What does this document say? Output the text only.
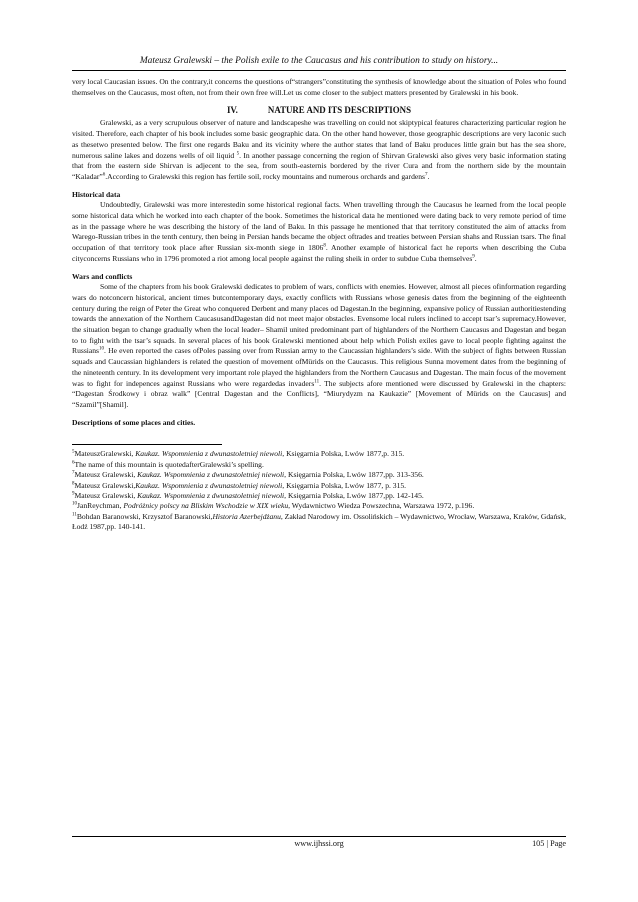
Mateusz Gralewski – the Polish exile to the Caucasus and his contribution to study on history...

very local Caucasian issues. On the contrary,it concerns the questions of“strangers”constituting the synthesis of knowledge about the situation of Poles who found themselves on the Caucasus, most often, not from their own free will.Let us come closer to the subject matters presented by Gralewski in his book.

IV.	NATURE AND ITS DESCRIPTIONS

Gralewski, as a very scrupulous observer of nature and landscapeshe was travelling on could not skiptypical features characterizing particular region he visited. Therefore, each chapter of his book includes some basic geographic data. On the other hand however, those geographic descriptions are very laconic such as thesetwo presented below. The first one regards Baku and its vicinity where the author states that land of Baku produces little grain but has the sea shore, numerous saline lakes and dozens wells of oil liquid $^5$. In another passage concerning the region of Shirvan Gralewski also gives very basic information stating that from the eastern side Shirvan is adjecent to the sea, from south-easternis bordered by the river Cura and from the northern side by the mountain “Kaladar”$^6$.According to Gralewski this region has fertile soil, rocky mountains and numerous orchards and gardens$^7$.

Historical data

Undoubtedly, Gralewski was more interestedin some historical regional facts. When travelling through the Caucasus he learned from the local people some historical data which he worked into each chapter of the book. Sometimes the historical data he mentioned were dating back to very remote period of time as in the passage where he was describing the history of the land of Baku. In this passage he mentioned that that territory constituted the aim of attacks from Warego-Russian tribes in the tenth century, then being in Persian hands became the object oftrades and treaties between Persian shahs and Russian tsars. The final occupation of that territory took place after Russian six-month siege in 1806$^8$. Another example of historical fact he reports when describing the Cuba cityconcerns Russians who in 1796 promoted a riot among local people against the ruling sheik in order to subdue Cuba themselves$^9$.

Wars and conflicts

Some of the chapters from his book Gralewski dedicates to problem of wars, conflicts with enemies. However, almost all pieces ofinformation regarding wars do notconcern historical, ancient times butcontemporary days, exactly conflicts with Russians whose genesis dates from the beginning of the eighteenth century during the reign of Peter the Great who conquered Derbent and many places od Dagestan.In the beginning, expansive policy of Russian authoritiestending towards the annexation of the Northern CaucasusandDagestan did not meet major obstacles. Evensome local rulers inclined to accept tsar’s supremacy.However, the situation began to change gradually when the local leader– Shamil united predominant part of highlanders of the Northern Caucasus and Dagestan and began to to fight with the tsar’s squads. In several places of his book Gralewski mentioned about help which Polish exiles gave to local people fighting against the Russians$^{10}$. He even reported the cases ofPoles passing over from Russian army to the Caucassian highlanders’s side. With the subject of fights between Russian squads and Caucassian highlanders is related the question of movement ofMürids on the Caucasus. This religious Sunna movement dates from the beginning of the nineteenth century. In its development very important role played the highlanders from the Northern Caucasus and Dagestan. The main focus of the movement was to fight for indepences against Russians who were regardedas invaders$^{11}$. The subjects afore mentioned were discussed by Gralewski in the chapters: “Dagestan Środkowy i obraz walk” [Central Dagestan and the Conflicts], “Miurydyzm na Kaukazie” [Movement of Mürids on the Caucasus] and “Szamil”[Shamil].

Descriptions of some places and cities.

$^5$MateuszGralewski, Kaukaz. Wspomnienia z dwunastoletniej niewoli, Księgarnia Polska, Lwów 1877,p. 315.

$^6$The name of this mountain is quotedafterGralewski’s spelling.

$^7$Mateusz Gralewski, Kaukaz. Wspomnienia z dwunastoletniej niewoli, Księgarnia Polska, Lwów 1877,pp. 313-356.

$^8$Mateusz Gralewski,Kaukaz. Wspomnienia z dwunastoletniej niewoli, Księgarnia Polska, Lwów 1877, p. 315.

$^9$Mateusz Gralewski, Kaukaz. Wspomnienia z dwunastoletniej niewoli, Księgarnia Polska, Lwów 1877,pp. 142-145.

$^{10}$JanReychman, Podróżnicy polscy na Bliskim Wschodzie w XIX wieku, Wydawnictwo Wiedza Powszechna, Warszawa 1972, p.196.

$^{11}$Bohdan Baranowski, Krzysztof Baranowski,Historia Azerbejdżanu, Zakład Narodowy im. Ossolińskich – Wydawnictwo, Wrocław, Warszawa, Kraków, Gdańsk, Łodź 1987,pp. 140-141.

www.ijhssi.org	105 | Page
